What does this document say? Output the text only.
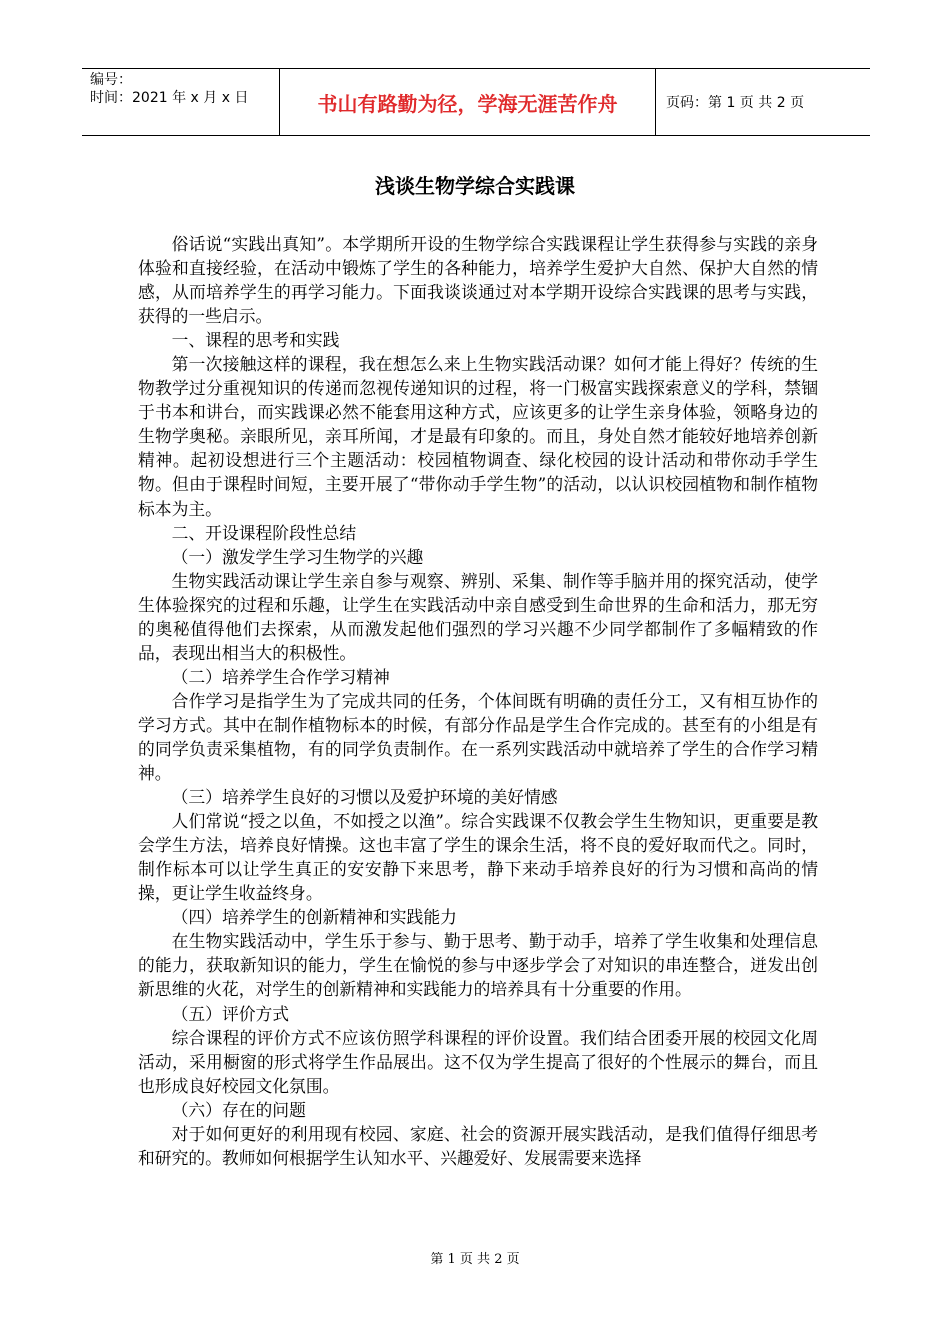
编号：
时间：2021 年 x 月 x 日	书山有路勤为径，学海无涯苦作舟	页码：第 1 页 共 2 页
浅谈生物学综合实践课

俗话说“实践出真知”。本学期所开设的生物学综合实践课程让学生获得参与实践的亲身体验和直接经验，在活动中锻炼了学生的各种能力，培养学生爱护大自然、保护大自然的情感，从而培养学生的再学习能力。下面我谈谈通过对本学期开设综合实践课的思考与实践，获得的一些启示。

一、课程的思考和实践

第一次接触这样的课程，我在想怎么来上生物实践活动课？如何才能上得好？传统的生物教学过分重视知识的传递而忽视传递知识的过程，将一门极富实践探索意义的学科，禁锢于书本和讲台，而实践课必然不能套用这种方式，应该更多的让学生亲身体验，领略身边的生物学奥秘。亲眼所见，亲耳所闻，才是最有印象的。而且，身处自然才能较好地培养创新精神。起初设想进行三个主题活动：校园植物调查、绿化校园的设计活动和带你动手学生物。但由于课程时间短，主要开展了“带你动手学生物”的活动，以认识校园植物和制作植物标本为主。

二、开设课程阶段性总结

（一）激发学生学习生物学的兴趣

生物实践活动课让学生亲自参与观察、辨别、采集、制作等手脑并用的探究活动，使学生体验探究的过程和乐趣，让学生在实践活动中亲自感受到生命世界的生命和活力，那无穷的奥秘值得他们去探索，从而激发起他们强烈的学习兴趣不少同学都制作了多幅精致的作品，表现出相当大的积极性。

（二）培养学生合作学习精神

合作学习是指学生为了完成共同的任务，个体间既有明确的责任分工，又有相互协作的学习方式。其中在制作植物标本的时候，有部分作品是学生合作完成的。甚至有的小组是有的同学负责采集植物，有的同学负责制作。在一系列实践活动中就培养了学生的合作学习精神。

（三）培养学生良好的习惯以及爱护环境的美好情感

人们常说“授之以鱼，不如授之以渔”。综合实践课不仅教会学生生物知识，更重要是教会学生方法，培养良好情操。这也丰富了学生的课余生活，将不良的爱好取而代之。同时，制作标本可以让学生真正的安安静下来思考，静下来动手培养良好的行为习惯和高尚的情操，更让学生收益终身。

（四）培养学生的创新精神和实践能力

在生物实践活动中，学生乐于参与、勤于思考、勤于动手，培养了学生收集和处理信息的能力，获取新知识的能力，学生在愉悦的参与中逐步学会了对知识的串连整合，迸发出创新思维的火花，对学生的创新精神和实践能力的培养具有十分重要的作用。

（五）评价方式

综合课程的评价方式不应该仿照学科课程的评价设置。我们结合团委开展的校园文化周活动，采用橱窗的形式将学生作品展出。这不仅为学生提高了很好的个性展示的舞台，而且也形成良好校园文化氛围。

（六）存在的问题

对于如何更好的利用现有校园、家庭、社会的资源开展实践活动，是我们值得仔细思考和研究的。教师如何根据学生认知水平、兴趣爱好、发展需要来选择

第 1 页 共 2 页
